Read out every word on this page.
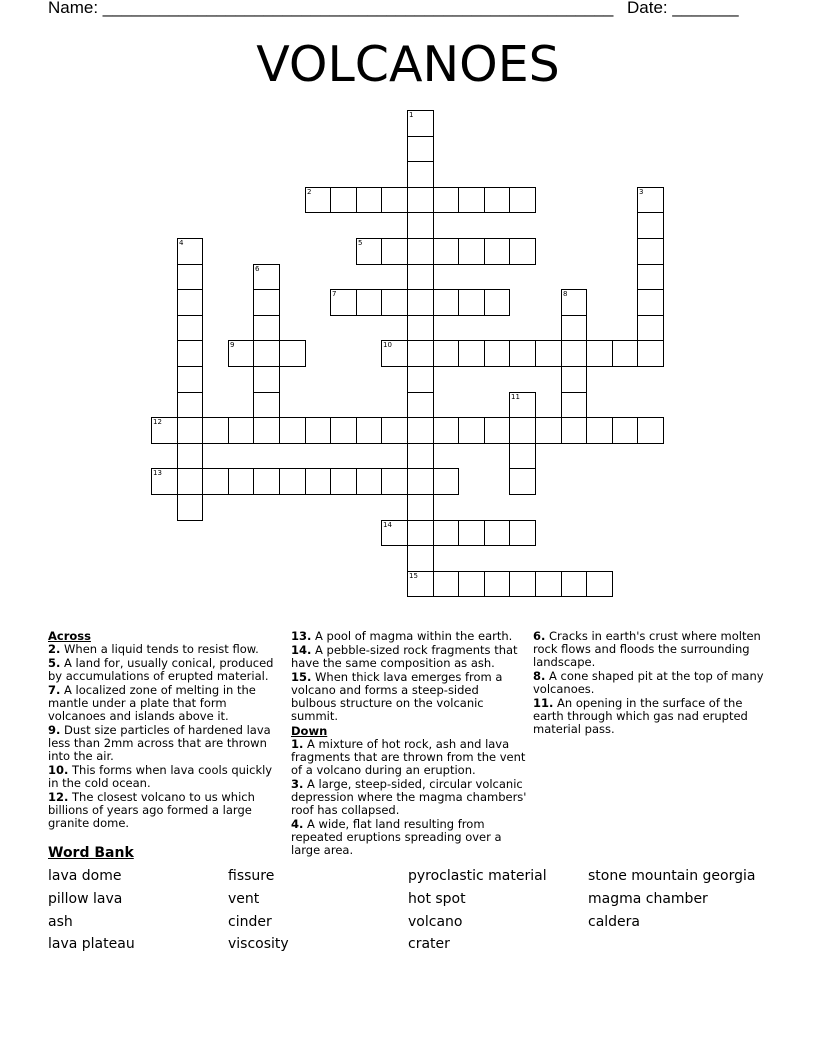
Name: ______________________________________________________ Date: _______
VOLCANOES
1
15
2	3
4	5
6
7	8
9	10
11
12
13
14
Across
2. When a liquid tends to resist flow.
5. A land for, usually conical, produced by accumulations of erupted material.
7. A localized zone of melting in the mantle under a plate that form volcanoes and islands above it.
9. Dust size particles of hardened lava less than 2mm across that are thrown into the air.
10. This forms when lava cools quickly in the cold ocean.
12. The closest volcano to us which billions of years ago formed a large granite dome.
13. A pool of magma within the earth.
14. A pebble-sized rock fragments that have the same composition as ash.
15. When thick lava emerges from a volcano and forms a steep-sided bulbous structure on the volcanic summit.
Down
1. A mixture of hot rock, ash and lava fragments that are thrown from the vent of a volcano during an eruption.
3. A large, steep-sided, circular volcanic depression where the magma chambers' roof has collapsed.
4. A wide, flat land resulting from repeated eruptions spreading over a large area.
6. Cracks in earth's crust where molten rock flows and floods the surrounding landscape.
8. A cone shaped pit at the top of many volcanoes.
11. An opening in the surface of the earth through which gas nad erupted material pass.
Word Bank
lava dome
pillow lava
ash
lava plateau
fissure
vent
cinder
viscosity
pyroclastic material
hot spot
volcano
crater
stone mountain georgia
magma chamber
caldera
